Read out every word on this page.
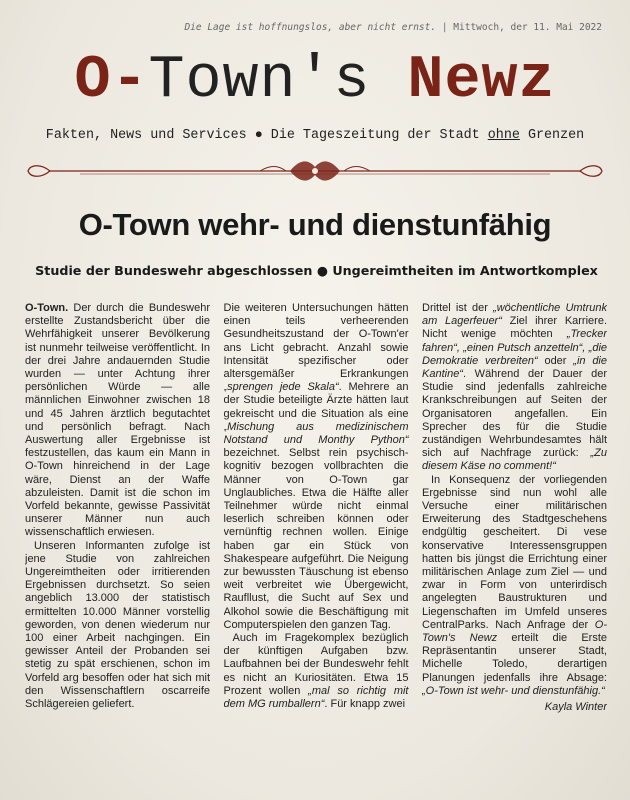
Die Lage ist hoffnungslos, aber nicht ernst. | Mittwoch, der 11. Mai 2022
O-Town's Newz
Fakten, News und Services ● Die Tageszeitung der Stadt ohne Grenzen
O-Town wehr- und dienstunfähig
Studie der Bundeswehr abgeschlossen ● Ungereimtheiten im Antwortkomplex

O-Town. Der durch die Bundeswehr erstellte Zustandsbericht über die Wehrfähigkeit unserer Bevölkerung ist nunmehr teilweise veröffentlicht. In der drei Jahre andauernden Studie wurden — unter Achtung ihrer persönlichen Würde — alle männlichen Einwohner zwischen 18 und 45 Jahren ärztlich begutachtet und persönlich befragt. Nach Auswertung aller Ergebnisse ist festzustellen, das kaum ein Mann in O-Town hinreichend in der Lage wäre, Dienst an der Waffe abzuleisten. Damit ist die schon im Vorfeld bekannte, gewisse Passivität unserer Männer nun auch wissenschaftlich erwiesen.

Unseren Informanten zufolge ist jene Studie von zahlreichen Ungereimtheiten oder irritierenden Ergebnissen durchsetzt. So seien angeblich 13.000 der statistisch ermittelten 10.000 Männer vorstellig geworden, von denen wiederum nur 100 einer Arbeit nachgingen. Ein gewisser Anteil der Probanden sei stetig zu spät erschienen, schon im Vorfeld arg besoffen oder hat sich mit den Wissenschaftlern oscarreife Schlägereien geliefert.

Die weiteren Untersuchungen hätten einen teils verheerenden Gesundheitszustand der O-Town'er ans Licht gebracht. Anzahl sowie Intensität spezifischer oder altersgemäßer Erkrankungen „sprengen jede Skala“. Mehrere an der Studie beteiligte Ärzte hätten laut gekreischt und die Situation als eine „Mischung aus medizinischem Notstand und Monthy Python“ bezeichnet. Selbst rein psychisch-kognitiv bezogen vollbrachten die Männer von O-Town gar Unglaubliches. Etwa die Hälfte aller Teilnehmer würde nicht einmal leserlich schreiben können oder vernünftig rechnen wollen. Einige haben gar ein Stück von Shakespeare aufgeführt. Die Neigung zur bewussten Täuschung ist ebenso weit verbreitet wie Übergewicht, Raufllust, die Sucht auf Sex und Alkohol sowie die Beschäftigung mit Computerspielen den ganzen Tag.

Auch im Fragekomplex bezüglich der künftigen Aufgaben bzw. Laufbahnen bei der Bundeswehr fehlt es nicht an Kuriositäten. Etwa 15 Prozent wollen „mal so richtig mit dem MG rumballern“. Für knapp zwei

Drittel ist der „wöchentliche Umtrunk am Lagerfeuer“ Ziel ihrer Karriere. Nicht wenige möchten „Trecker fahren“, „einen Putsch anzetteln“, „die Demokratie verbreiten“ oder „in die Kantine“. Während der Dauer der Studie sind jedenfalls zahlreiche Krankschreibungen auf Seiten der Organisatoren angefallen. Ein Sprecher des für die Studie zuständigen Wehrbundesamtes hält sich auf Nachfrage zurück: „Zu diesem Käse no comment!“

In Konsequenz der vorliegenden Ergebnisse sind nun wohl alle Versuche einer militärischen Erweiterung des Stadtgeschehens endgültig gescheitert. Di vese konservative Interessensgruppen hatten bis jüngst die Errichtung einer militärischen Anlage zum Ziel — und zwar in Form von unterirdisch angelegten Baustrukturen und Liegenschaften im Umfeld unseres CentralParks. Nach Anfrage der O-Town's Newz erteilt die Erste Repräsentantin unserer Stadt, Michelle Toledo, derartigen Planungen jedenfalls ihre Absage: „O-Town ist wehr- und dienstunfähig.“

Kayla Winter
